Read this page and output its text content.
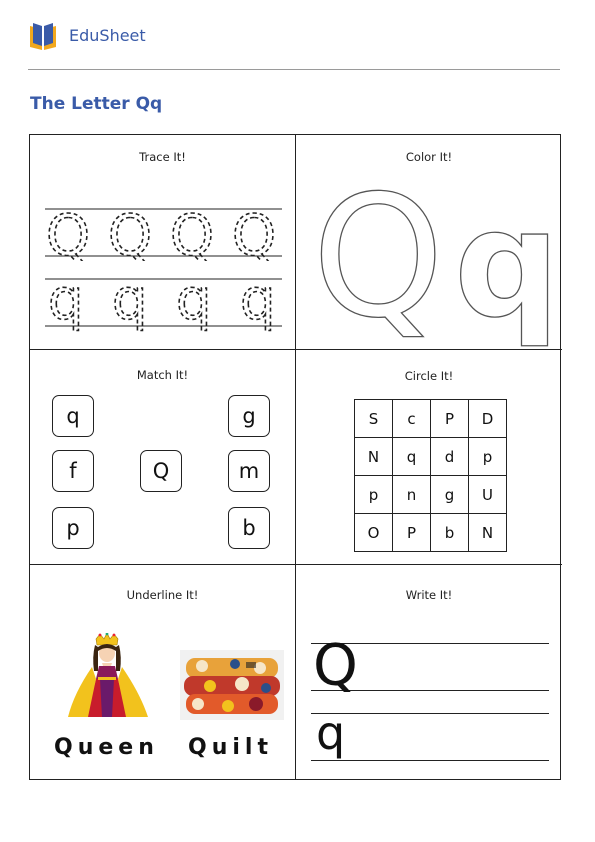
EduSheet
The Letter Qq
Trace It!
Q Q Q Q
q q q q
Color It!
Q q
Match It!
q
f
p
Q
g
m
b
Circle It!
S	c	P	D
N	q	d	p
p	n	g	U
O	P	b	N
Underline It!
Queen Quilt
Write It!
Q
q
